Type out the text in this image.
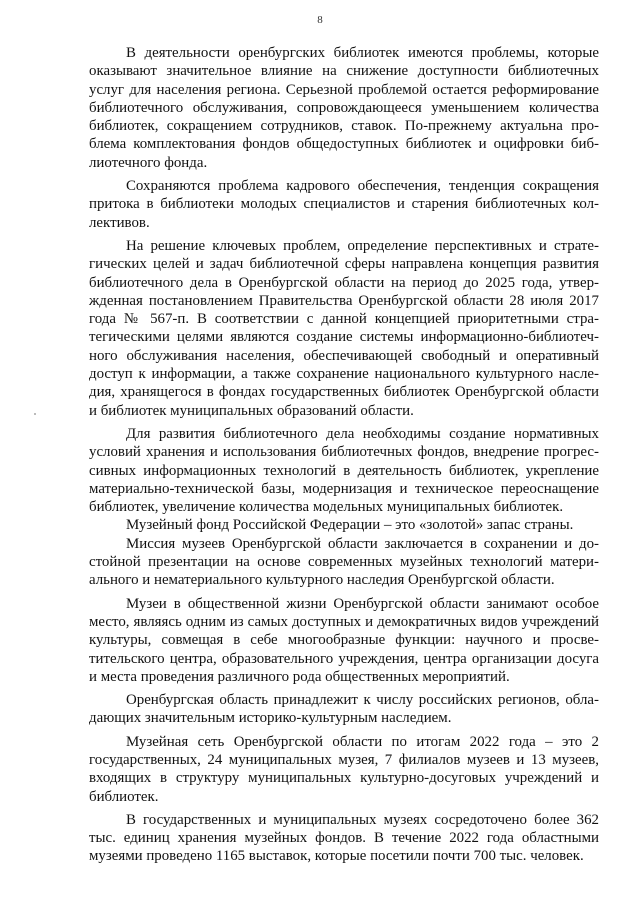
8

В деятельности оренбургских библиотек имеются проблемы, которые оказывают значительное влияние на снижение доступности библиотечных услуг для населения региона. Серьезной проблемой остается реформирование библиотечного обслуживания, сопровождающееся уменьшением количества библиотек, сокращением сотрудников, ставок. По-прежнему актуальна проблема комплектования фондов общедоступных библиотек и оцифровки библиотечного фонда.

Сохраняются проблема кадрового обеспечения, тенденция сокращения притока в библиотеки молодых специалистов и старения библиотечных коллективов.

На решение ключевых проблем, определение перспективных и стратегических целей и задач библиотечной сферы направлена концепция развития библиотечного дела в Оренбургской области на период до 2025 года, утвержденная постановлением Правительства Оренбургской области 28 июля 2017 года № 567-п. В соответствии с данной концепцией приоритетными стратегическими целями являются создание системы информационно-библиотечного обслуживания населения, обеспечивающей свободный и оперативный доступ к информации, а также сохранение национального культурного наследия, хранящегося в фондах государственных библиотек Оренбургской области и библиотек муниципальных образований области.

Для развития библиотечного дела необходимы создание нормативных условий хранения и использования библиотечных фондов, внедрение прогрессивных информационных технологий в деятельность библиотек, укрепление материально-технической базы, модернизация и техническое переоснащение библиотек, увеличение количества модельных муниципальных библиотек.

Музейный фонд Российской Федерации – это «золотой» запас страны.

Миссия музеев Оренбургской области заключается в сохранении и достойной презентации на основе современных музейных технологий материального и нематериального культурного наследия Оренбургской области.

Музеи в общественной жизни Оренбургской области занимают особое место, являясь одним из самых доступных и демократичных видов учреждений культуры, совмещая в себе многообразные функции: научного и просветительского центра, образовательного учреждения, центра организации досуга и места проведения различного рода общественных мероприятий.

Оренбургская область принадлежит к числу российских регионов, обладающих значительным историко-культурным наследием.

Музейная сеть Оренбургской области по итогам 2022 года – это 2 государственных, 24 муниципальных музея, 7 филиалов музеев и 13 музеев, входящих в структуру муниципальных культурно-досуговых учреждений и библиотек.

В государственных и муниципальных музеях сосредоточено более 362 тыс. единиц хранения музейных фондов. В течение 2022 года областными музеями проведено 1165 выставок, которые посетили почти 700 тыс. человек.
